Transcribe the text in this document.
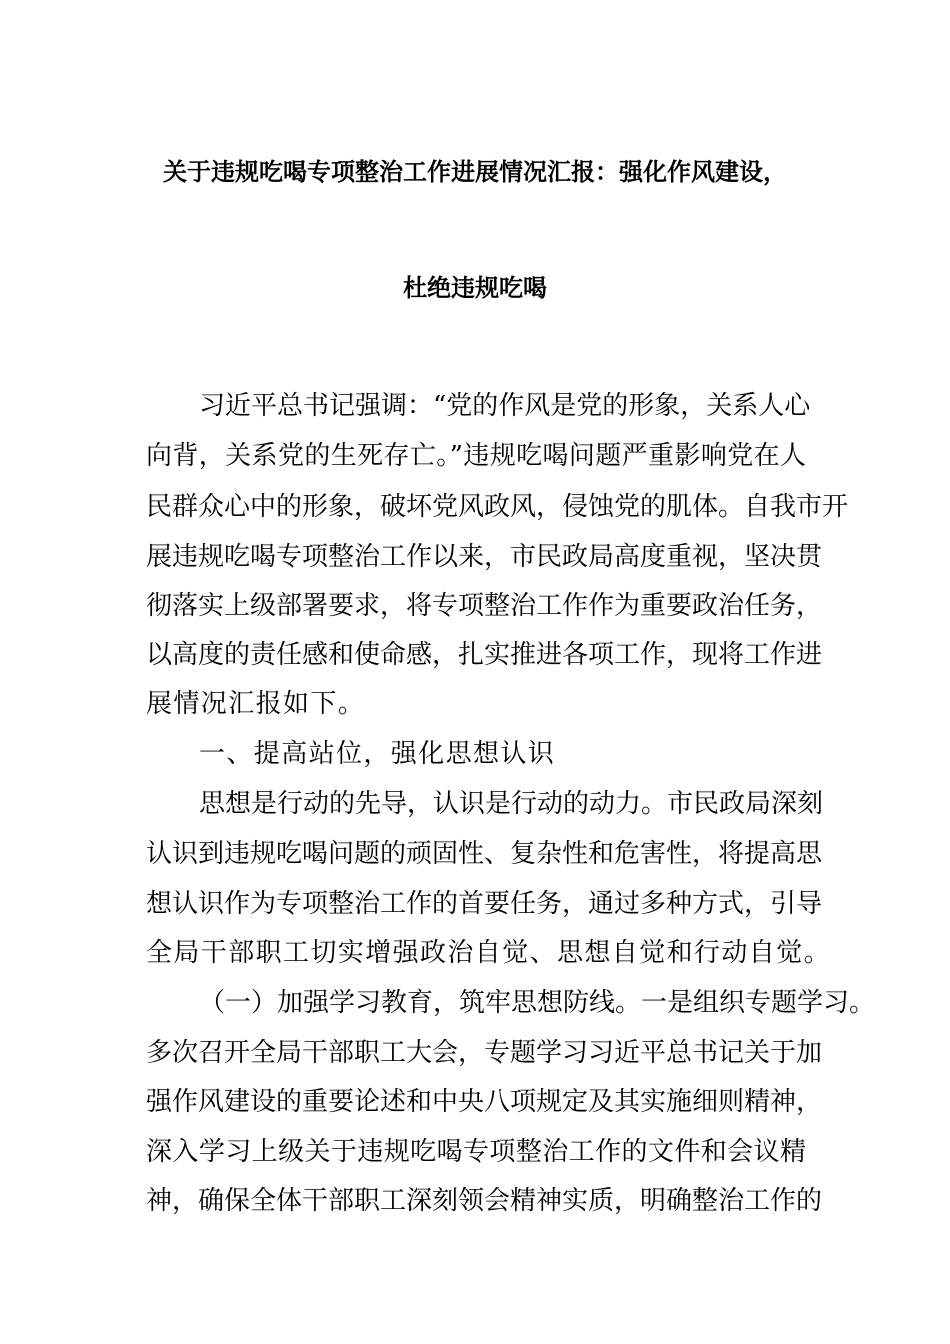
关于违规吃喝专项整治工作进展情况汇报：强化作风建设，
杜绝违规吃喝
习近平总书记强调：“党的作风是党的形象，关系人心
向背，关系党的生死存亡。”违规吃喝问题严重影响党在人
民群众心中的形象，破坏党风政风，侵蚀党的肌体。自我市开
展违规吃喝专项整治工作以来，市民政局高度重视，坚决贯
彻落实上级部署要求，将专项整治工作作为重要政治任务，
以高度的责任感和使命感，扎实推进各项工作，现将工作进
展情况汇报如下。
一、提高站位，强化思想认识
思想是行动的先导，认识是行动的动力。市民政局深刻
认识到违规吃喝问题的顽固性、复杂性和危害性，将提高思
想认识作为专项整治工作的首要任务，通过多种方式，引导
全局干部职工切实增强政治自觉、思想自觉和行动自觉。
（一）加强学习教育，筑牢思想防线。一是组织专题学习。
多次召开全局干部职工大会，专题学习习近平总书记关于加
强作风建设的重要论述和中央八项规定及其实施细则精神，
深入学习上级关于违规吃喝专项整治工作的文件和会议精
神，确保全体干部职工深刻领会精神实质，明确整治工作的
